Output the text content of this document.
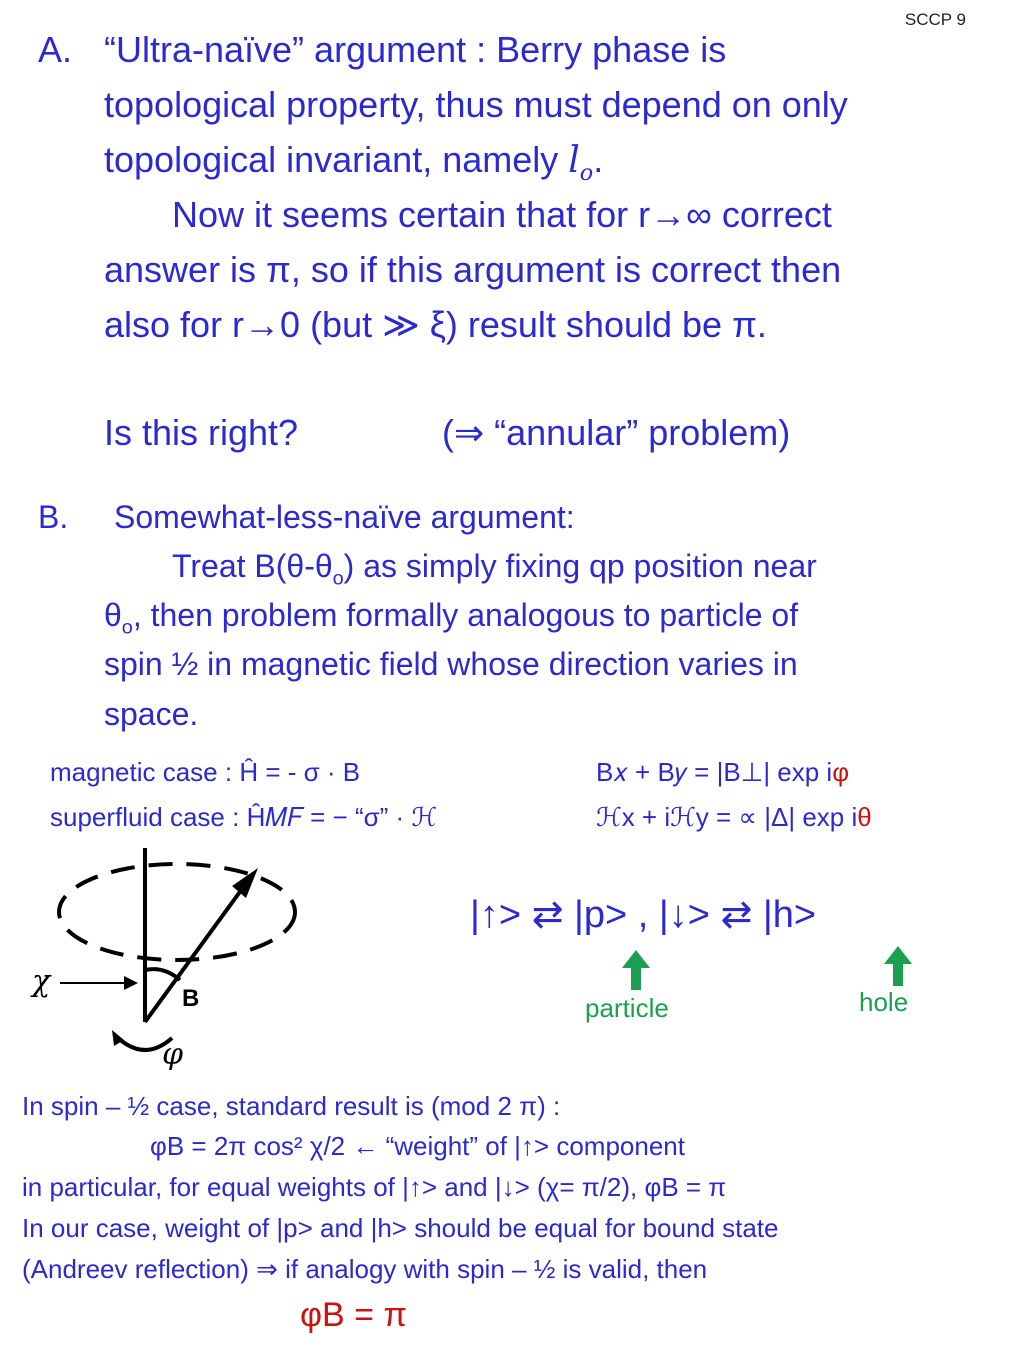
SCCP 9
A. “Ultra-naïve” argument : Berry phase is
topological property, thus must depend on only
topological invariant, namely $l_o$.
Now it seems certain that for r→∞ correct
answer is π, so if this argument is correct then
also for r→0 (but ≫ ξ) result should be π.
Is this right?	(⇒ “annular” problem)
B. Somewhat-less-naïve argument:
Treat $B(\theta-\theta_o)$ as simply fixing qp position near
$\theta_o$, then problem formally analogous to particle of
spin ½ in magnetic field whose direction varies in
space.
magnetic case : Ĥ = - σ · B	B𝑥 + B𝑦 = |B⊥| exp iφ
superfluid case : Ĥ𝑀𝐹 = − “σ” · ℋ	ℋx + iℋy = ∝ |Δ| exp iθ
χ	B
φ
|↑> ⇄ |p> , |↓> ⇄ |h>
particle	hole
In spin – ½ case, standard result is (mod 2 π) :
φB = 2π cos² χ/2 ← “weight” of |↑> component
in particular, for equal weights of |↑> and |↓> (χ= π/2), φB = π
In our case, weight of |p> and |h> should be equal for bound state
(Andreev reflection) ⇒ if analogy with spin – ½ is valid, then
φB = π
